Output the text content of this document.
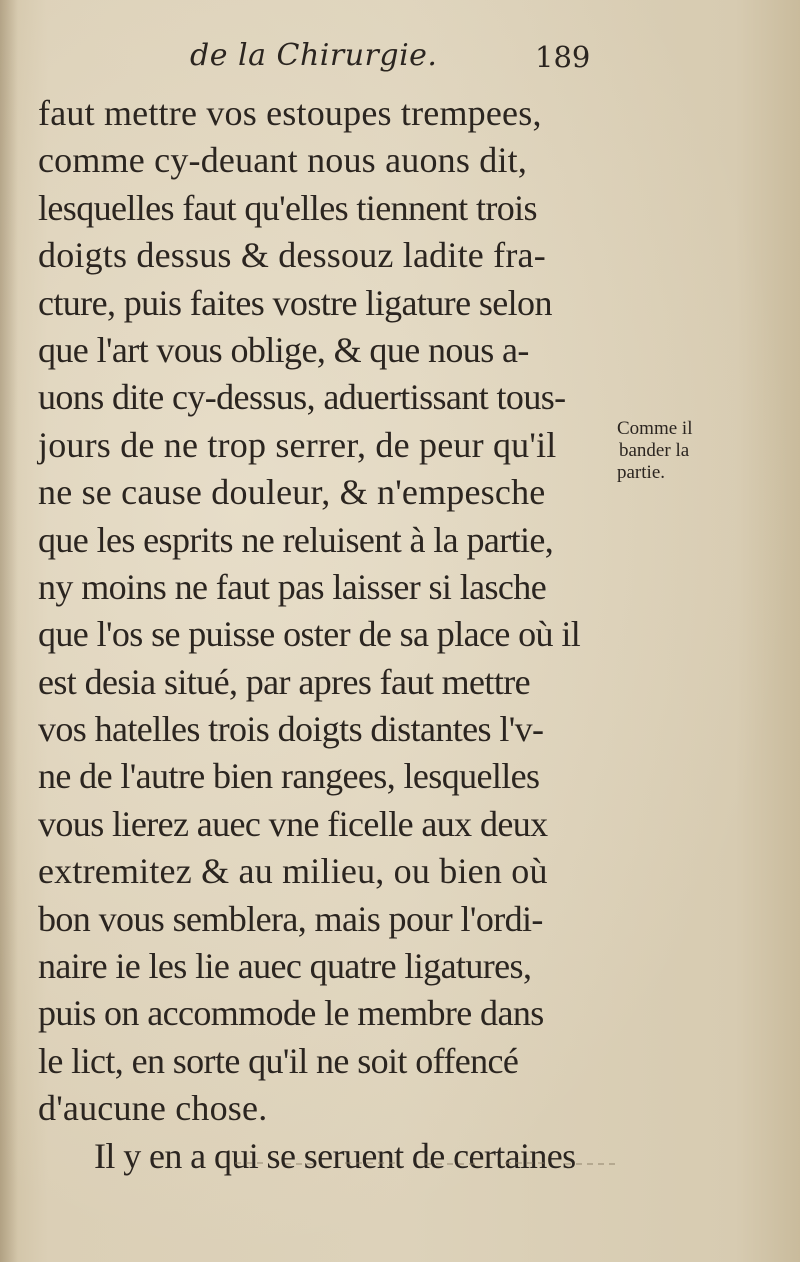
de la Chirurgie.	189
faut mettre vos estoupes trempees,
comme cy-deuant nous auons dit,
lesquelles faut qu'elles tiennent trois
doigts dessus & dessouz ladite fra-
cture, puis faites vostre ligature selon
que l'art vous oblige, & que nous a-
uons dite cy-dessus, aduertissant tous-
jours de ne trop serrer, de peur qu'il
ne se cause douleur, & n'empesche
que les esprits ne reluisent à la partie,
ny moins ne faut pas laisser si lasche
que l'os se puisse oster de sa place où il
est desia situé, par apres faut mettre
vos hatelles trois doigts distantes l'v-
ne de l'autre bien rangees, lesquelles
vous lierez auec vne ficelle aux deux
extremitez & au milieu, ou bien où
bon vous semblera, mais pour l'ordi-
naire ie les lie auec quatre ligatures,
puis on accommode le membre dans
le lict, en sorte qu'il ne soit offencé
d'aucune chose.
Il y en a qui se seruent de certaines
Comme il
bander la
partie.
